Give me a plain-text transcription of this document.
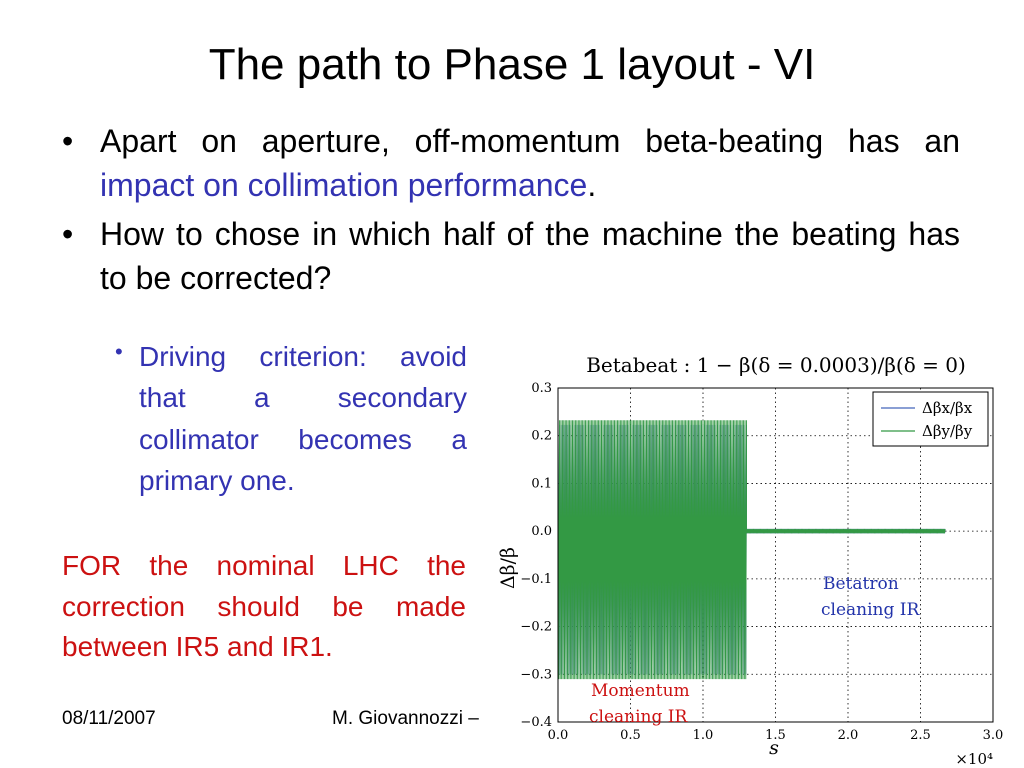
The path to Phase 1 layout - VI
• Apart on aperture, off-momentum beta-beating has an impact on collimation performance.
• How to chose in which half of the machine the beating has to be corrected?
• Driving criterion: avoid that a secondary collimator becomes a primary one.
FOR the nominal LHC the correction should be made between IR5 and IR1.
08/11/2007	M. Giovannozzi –
Betabeat : 1 − β(δ = 0.0003)/β(δ = 0)
0.0	0.5	1.0	1.5	2.0	2.5	3.0
0.3
0.2
0.1
0.0
−0.1
−0.2
−0.3
−0.4
Δβx/βx
Δβy/βy
Δβ/β
s	×10⁴
Betatron
cleaning IR
Momentum
cleaning IR
